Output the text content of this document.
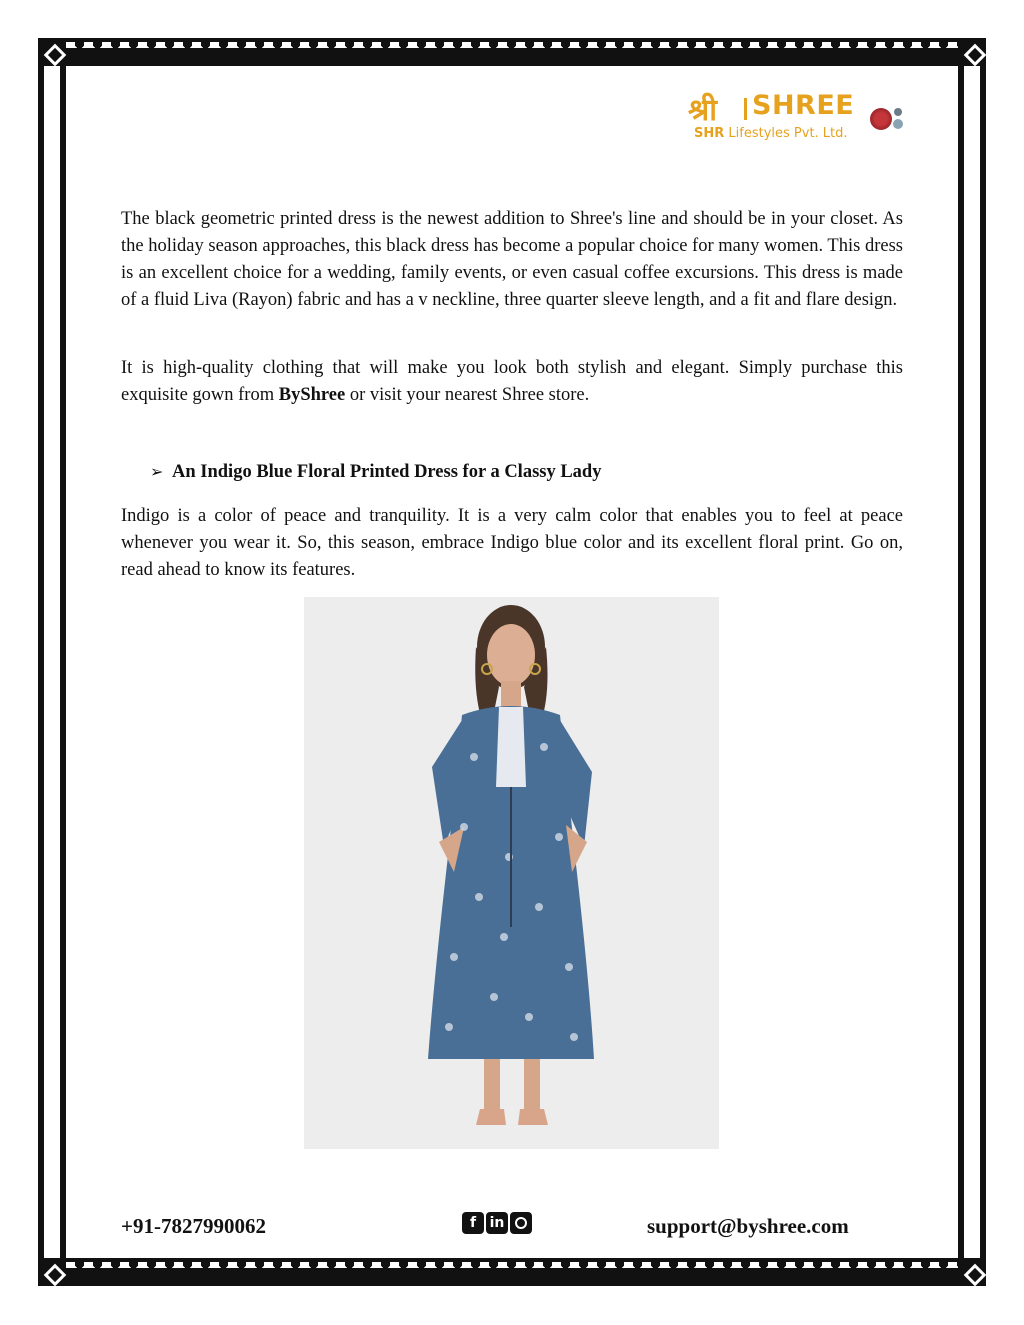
श्री SHREE
SHR Lifestyles Pvt. Ltd.

The black geometric printed dress is the newest addition to Shree's line and should be in your closet. As the holiday season approaches, this black dress has become a popular choice for many women. This dress is an excellent choice for a wedding, family events, or even casual coffee excursions. This dress is made of a fluid Liva (Rayon) fabric and has a v neckline, three quarter sleeve length, and a fit and flare design.

It is high-quality clothing that will make you look both stylish and elegant. Simply purchase this exquisite gown from ByShree or visit your nearest Shree store.

➢ An Indigo Blue Floral Printed Dress for a Classy Lady

Indigo is a color of peace and tranquility. It is a very calm color that enables you to feel at peace whenever you wear it. So, this season, embrace Indigo blue color and its excellent floral print. Go on, read ahead to know its features.

+91-7827990062	f in	support@byshree.com
